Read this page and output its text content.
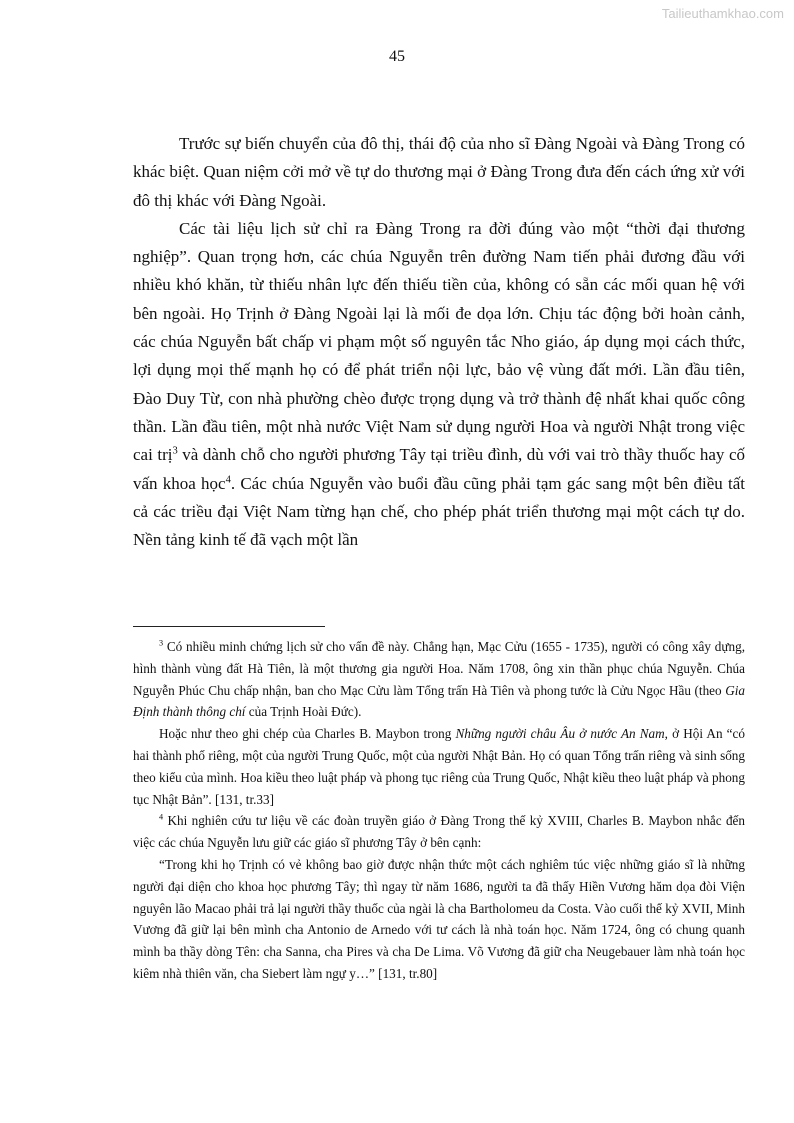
Tailieuthamkhao.com
45

Trước sự biến chuyển của đô thị, thái độ của nho sĩ Đàng Ngoài và Đàng Trong có khác biệt. Quan niệm cởi mở về tự do thương mại ở Đàng Trong đưa đến cách ứng xử với đô thị khác với Đàng Ngoài.

Các tài liệu lịch sử chỉ ra Đàng Trong ra đời đúng vào một “thời đại thương nghiệp”. Quan trọng hơn, các chúa Nguyễn trên đường Nam tiến phải đương đầu với nhiều khó khăn, từ thiếu nhân lực đến thiếu tiền của, không có sẵn các mối quan hệ với bên ngoài. Họ Trịnh ở Đàng Ngoài lại là mối đe dọa lớn. Chịu tác động bởi hoàn cảnh, các chúa Nguyễn bất chấp vi phạm một số nguyên tắc Nho giáo, áp dụng mọi cách thức, lợi dụng mọi thế mạnh họ có để phát triển nội lực, bảo vệ vùng đất mới. Lần đầu tiên, Đào Duy Từ, con nhà phường chèo được trọng dụng và trở thành đệ nhất khai quốc công thần. Lần đầu tiên, một nhà nước Việt Nam sử dụng người Hoa và người Nhật trong việc cai trị$^3$ và dành chỗ cho người phương Tây tại triều đình, dù với vai trò thầy thuốc hay cố vấn khoa học$^4$. Các chúa Nguyễn vào buổi đầu cũng phải tạm gác sang một bên điều tất cả các triều đại Việt Nam từng hạn chế, cho phép phát triển thương mại một cách tự do. Nền tảng kinh tế đã vạch một lần

$^3$ Có nhiều minh chứng lịch sử cho vấn đề này. Chẳng hạn, Mạc Cửu (1655 - 1735), người có công xây dựng, hình thành vùng đất Hà Tiên, là một thương gia người Hoa. Năm 1708, ông xin thần phục chúa Nguyễn. Chúa Nguyễn Phúc Chu chấp nhận, ban cho Mạc Cửu làm Tổng trấn Hà Tiên và phong tước là Cửu Ngọc Hầu (theo Gia Định thành thông chí của Trịnh Hoài Đức).

Hoặc như theo ghi chép của Charles B. Maybon trong Những người châu Âu ở nước An Nam, ở Hội An “có hai thành phố riêng, một của người Trung Quốc, một của người Nhật Bản. Họ có quan Tổng trấn riêng và sinh sống theo kiểu của mình. Hoa kiều theo luật pháp và phong tục riêng của Trung Quốc, Nhật kiều theo luật pháp và phong tục Nhật Bản”. [131, tr.33]

$^4$ Khi nghiên cứu tư liệu về các đoàn truyền giáo ở Đàng Trong thế kỷ XVIII, Charles B. Maybon nhắc đến việc các chúa Nguyễn lưu giữ các giáo sĩ phương Tây ở bên cạnh:

“Trong khi họ Trịnh có vẻ không bao giờ được nhận thức một cách nghiêm túc việc những giáo sĩ là những người đại diện cho khoa học phương Tây; thì ngay từ năm 1686, người ta đã thấy Hiền Vương hăm dọa đòi Viện nguyên lão Macao phải trả lại người thầy thuốc của ngài là cha Bartholomeu da Costa. Vào cuối thế kỷ XVII, Minh Vương đã giữ lại bên mình cha Antonio de Arnedo với tư cách là nhà toán học. Năm 1724, ông có chung quanh mình ba thầy dòng Tên: cha Sanna, cha Pires và cha De Lima. Võ Vương đã giữ cha Neugebauer làm nhà toán học kiêm nhà thiên văn, cha Siebert làm ngự y…” [131, tr.80]
